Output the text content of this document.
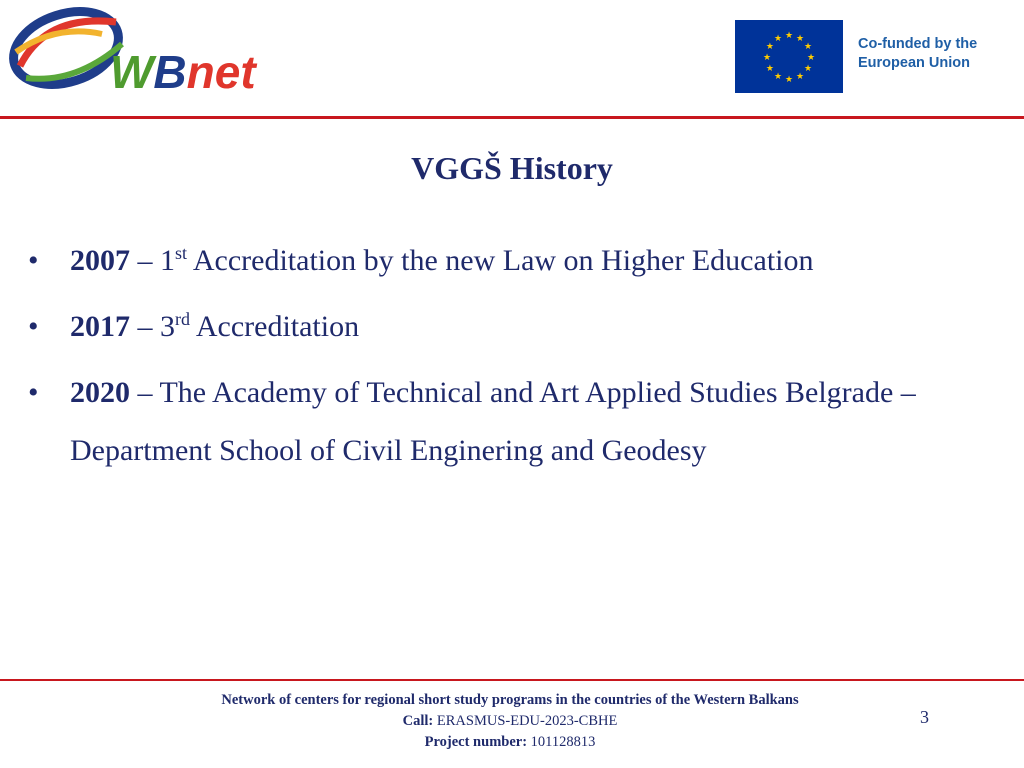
WBnet
★ ★
★
★
★
★
★
★
★
★
★
★	Co-funded by the
European Union
VGGŠ History
• 2007 – 1st Accreditation by the new Law on Higher Education
• 2017 – 3rd Accreditation
• 2020 – The Academy of Technical and Art Applied Studies Belgrade –
Department School of Civil Enginering and Geodesy
Network of centers for regional short study programs in the countries of the Western Balkans
Call: ERASMUS-EDU-2023-CBHE
Project number: 101128813
3
